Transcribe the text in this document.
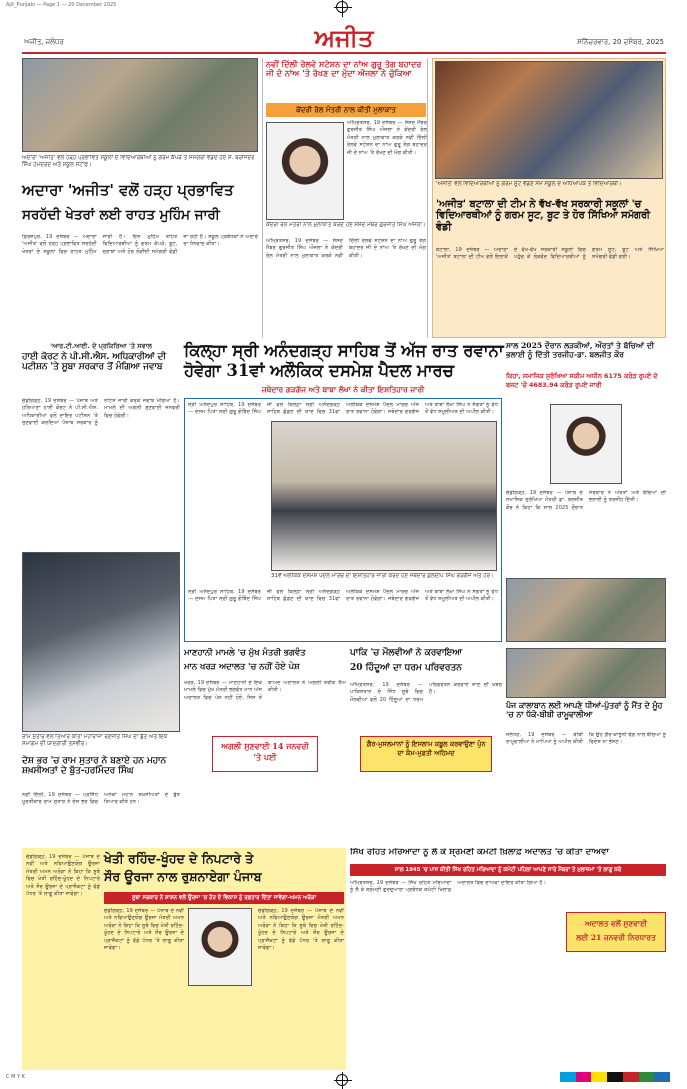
Ajit_Punjabi — Page 1 — 20 December 2025
ਅਜੀਤ, ਜਲੰਧਰ	ਅਜੀਤ	ਸ਼ਨਿੱਚਰਵਾਰ, 20 ਦਸੰਬਰ, 2025
ਅਦਾਰਾ 'ਅਜੀਤ' ਵਲੋਂ ਹੜ੍ਹ ਪ੍ਰਭਾਵਿਤ ਸਕੂਲਾਂ ਦੇ ਵਿਦਿਆਰਥੀਆਂ ਨੂੰ ਗਰਮ ਕੱਪੜੇ ਤੇ ਸਮੱਗਰੀ ਵੰਡਦੇ ਹੋਏ ਸ. ਬਰਜਿੰਦਰ ਸਿੰਘ ਹਮਦਰਦ ਅਤੇ ਸਕੂਲ ਸਟਾਫ਼।
ਅਦਾਰਾ 'ਅਜੀਤ' ਵਲੋਂ ਹੜ੍ਹ ਪ੍ਰਭਾਵਿਤ
ਸਰਹੱਦੀ ਖੇਤਰਾਂ ਲਈ ਰਾਹਤ ਮੁਹਿੰਮ ਜਾਰੀ
ਫ਼ਿਰੋਜ਼ਪੁਰ, 19 ਦਸੰਬਰ — ਅਦਾਰਾ 'ਅਜੀਤ' ਵਲੋਂ ਹੜ੍ਹ ਪ੍ਰਭਾਵਿਤ ਸਰਹੱਦੀ ਖੇਤਰਾਂ ਦੇ ਸਕੂਲਾਂ ਵਿਚ ਰਾਹਤ ਮੁਹਿੰਮ ਜਾਰੀ ਹੈ। ਇਸ ਮੁਹਿੰਮ ਤਹਿਤ ਵਿਦਿਆਰਥੀਆਂ ਨੂੰ ਗਰਮ ਕੱਪੜੇ, ਬੂਟ, ਜੁਰਾਬਾਂ ਅਤੇ ਹੋਰ ਲੋੜੀਂਦੀ ਸਮੱਗਰੀ ਵੰਡੀ ਜਾ ਰਹੀ ਹੈ। ਸਕੂਲ ਪ੍ਰਬੰਧਕਾਂ ਨੇ ਅਦਾਰੇ ਦਾ ਧੰਨਵਾਦ ਕੀਤਾ।
ਨਵੀਂ ਦਿੱਲੀ ਰੇਲਵੇ ਸਟੇਸ਼ਨ ਦਾ ਨਾਂਅ ਗੁਰੂ ਤੇਗ ਬਹਾਦਰ ਜੀ ਦੇ ਨਾਂਅ 'ਤੇ ਰੱਖਣ ਦਾ ਮੁੱਦਾ ਔਜਲਾ ਨੇ ਚੁੱਕਿਆ
ਕੇਂਦਰੀ ਰੇਲ ਮੰਤਰੀ ਨਾਲ ਕੀਤੀ ਮੁਲਾਕਾਤ
ਅੰਮ੍ਰਿਤਸਰ, 19 ਦਸੰਬਰ — ਸੰਸਦ ਮੈਂਬਰ ਗੁਰਜੀਤ ਸਿੰਘ ਔਜਲਾ ਨੇ ਕੇਂਦਰੀ ਰੇਲ ਮੰਤਰੀ ਨਾਲ ਮੁਲਾਕਾਤ ਕਰਕੇ ਨਵੀਂ ਦਿੱਲੀ ਰੇਲਵੇ ਸਟੇਸ਼ਨ ਦਾ ਨਾਂਅ ਗੁਰੂ ਤੇਗ ਬਹਾਦਰ ਜੀ ਦੇ ਨਾਂਅ 'ਤੇ ਰੱਖਣ ਦੀ ਮੰਗ ਕੀਤੀ।
ਕੇਂਦਰੀ ਰੇਲ ਮੰਤਰੀ ਨਾਲ ਮੁਲਾਕਾਤ ਕਰਦੇ ਹੋਏ ਸੰਸਦ ਮੈਂਬਰ ਗੁਰਜੀਤ ਸਿੰਘ ਔਜਲਾ।
ਅੰਮ੍ਰਿਤਸਰ, 19 ਦਸੰਬਰ — ਸੰਸਦ ਮੈਂਬਰ ਗੁਰਜੀਤ ਸਿੰਘ ਔਜਲਾ ਨੇ ਕੇਂਦਰੀ ਰੇਲ ਮੰਤਰੀ ਨਾਲ ਮੁਲਾਕਾਤ ਕਰਕੇ ਨਵੀਂ ਦਿੱਲੀ ਰੇਲਵੇ ਸਟੇਸ਼ਨ ਦਾ ਨਾਂਅ ਗੁਰੂ ਤੇਗ ਬਹਾਦਰ ਜੀ ਦੇ ਨਾਂਅ 'ਤੇ ਰੱਖਣ ਦੀ ਮੰਗ ਕੀਤੀ।
'ਅਜੀਤ' ਵਲੋਂ ਵਿਦਿਆਰਥੀਆਂ ਨੂੰ ਗਰਮ ਸੂਟ ਵੰਡਣ ਸਮੇਂ ਸਕੂਲ ਦੇ ਅਧਿਆਪਕ ਤੇ ਵਿਦਿਆਰਥੀ।
'ਅਜੀਤ' ਬਟਾਲਾ ਦੀ ਟੀਮ ਨੇ ਵੱਖ-ਵੱਖ ਸਰਕਾਰੀ ਸਕੂਲਾਂ 'ਚ ਵਿਦਿਆਰਥੀਆਂ ਨੂੰ ਗਰਮ ਸੂਟ, ਬੂਟ ਤੇ ਹੋਰ ਸਿੱਖਿਆ ਸਮੱਗਰੀ ਵੰਡੀ
ਬਟਾਲਾ, 19 ਦਸੰਬਰ — ਅਦਾਰਾ 'ਅਜੀਤ' ਬਟਾਲਾ ਦੀ ਟੀਮ ਵਲੋਂ ਇਲਾਕੇ ਦੇ ਵੱਖ-ਵੱਖ ਸਰਕਾਰੀ ਸਕੂਲਾਂ ਵਿਚ ਪਹੁੰਚ ਕੇ ਲੋੜਵੰਦ ਵਿਦਿਆਰਥੀਆਂ ਨੂੰ ਗਰਮ ਸੂਟ, ਬੂਟ ਅਤੇ ਸਿੱਖਿਆ ਸਮੱਗਰੀ ਵੰਡੀ ਗਈ।
'ਆਰ.ਟੀ.ਆਈ. ਦੇ ਪ੍ਰਕਿਰਿਆ 'ਤੇ ਸਵਾਲ
ਹਾਈ ਕੋਰਟ ਨੇ ਪੀ.ਸੀ.ਐਸ. ਅਧਿਕਾਰੀਆਂ ਦੀ ਪਟੀਸ਼ਨ 'ਤੇ ਸੂਬਾ ਸਰਕਾਰ ਤੋਂ ਮੰਗਿਆ ਜਵਾਬ
ਚੰਡੀਗੜ੍ਹ, 19 ਦਸੰਬਰ — ਪੰਜਾਬ ਅਤੇ ਹਰਿਆਣਾ ਹਾਈ ਕੋਰਟ ਨੇ ਪੀ.ਸੀ.ਐਸ. ਅਧਿਕਾਰੀਆਂ ਵਲੋਂ ਦਾਇਰ ਪਟੀਸ਼ਨ 'ਤੇ ਸੁਣਵਾਈ ਕਰਦਿਆਂ ਪੰਜਾਬ ਸਰਕਾਰ ਨੂੰ ਨੋਟਿਸ ਜਾਰੀ ਕਰਕੇ ਜਵਾਬ ਮੰਗਿਆ ਹੈ। ਮਾਮਲੇ ਦੀ ਅਗਲੀ ਸੁਣਵਾਈ ਜਨਵਰੀ ਵਿਚ ਹੋਵੇਗੀ।
ਕਿਲ੍ਹਾ ਸ੍ਰੀ ਅਨੰਦਗੜ੍ਹ ਸਾਹਿਬ ਤੋਂ ਅੱਜ ਰਾਤ ਰਵਾਨਾ
ਹੋਵੇਗਾ 31ਵਾਂ ਅਲੌਕਿਕ ਦਸਮੇਸ਼ ਪੈਦਲ ਮਾਰਚ
ਜਥੇਦਾਰ ਗੜਗੱਜ ਅਤੇ ਬਾਬਾ ਲੱਖਾ ਨੇ ਕੀਤਾ ਇਸ਼ਤਿਹਾਰ ਜਾਰੀ
ਸ੍ਰੀ ਅਨੰਦਪੁਰ ਸਾਹਿਬ, 19 ਦਸੰਬਰ — ਦਸਮ ਪਿਤਾ ਸ੍ਰੀ ਗੁਰੂ ਗੋਬਿੰਦ ਸਿੰਘ ਜੀ ਵਲੋਂ ਕਿਲ੍ਹਾ ਸ੍ਰੀ ਅਨੰਦਗੜ੍ਹ ਸਾਹਿਬ ਛੱਡਣ ਦੀ ਯਾਦ ਵਿਚ 31ਵਾਂ ਅਲੌਕਿਕ ਦਸਮੇਸ਼ ਪੈਦਲ ਮਾਰਚ ਅੱਜ ਰਾਤ ਰਵਾਨਾ ਹੋਵੇਗਾ। ਜਥੇਦਾਰ ਗੜਗੱਜ ਅਤੇ ਬਾਬਾ ਲੱਖਾ ਸਿੰਘ ਨੇ ਸੰਗਤਾਂ ਨੂੰ ਵੱਧ ਤੋਂ ਵੱਧ ਸ਼ਮੂਲੀਅਤ ਦੀ ਅਪੀਲ ਕੀਤੀ।
31ਵੇਂ ਅਲੌਕਿਕ ਦਸਮੇਸ਼ ਪੈਦਲ ਮਾਰਚ ਦਾ ਇਸ਼ਤਿਹਾਰ ਜਾਰੀ ਕਰਦੇ ਹੋਏ ਜਥੇਦਾਰ ਕੁਲਦੀਪ ਸਿੰਘ ਗੜਗੱਜ ਅਤੇ ਹੋਰ।
ਸ੍ਰੀ ਅਨੰਦਪੁਰ ਸਾਹਿਬ, 19 ਦਸੰਬਰ — ਦਸਮ ਪਿਤਾ ਸ੍ਰੀ ਗੁਰੂ ਗੋਬਿੰਦ ਸਿੰਘ ਜੀ ਵਲੋਂ ਕਿਲ੍ਹਾ ਸ੍ਰੀ ਅਨੰਦਗੜ੍ਹ ਸਾਹਿਬ ਛੱਡਣ ਦੀ ਯਾਦ ਵਿਚ 31ਵਾਂ ਅਲੌਕਿਕ ਦਸਮੇਸ਼ ਪੈਦਲ ਮਾਰਚ ਅੱਜ ਰਾਤ ਰਵਾਨਾ ਹੋਵੇਗਾ। ਜਥੇਦਾਰ ਗੜਗੱਜ ਅਤੇ ਬਾਬਾ ਲੱਖਾ ਸਿੰਘ ਨੇ ਸੰਗਤਾਂ ਨੂੰ ਵੱਧ ਤੋਂ ਵੱਧ ਸ਼ਮੂਲੀਅਤ ਦੀ ਅਪੀਲ ਕੀਤੀ।
ਸਾਲ 2025 ਦੌਰਾਨ ਲੜਕੀਆਂ, ਔਰਤਾਂ ਤੇ ਬੱਚਿਆਂ ਦੀ ਭਲਾਈ ਨੂੰ ਦਿੱਤੀ ਤਰਜੀਹ-ਡਾ. ਬਲਜੀਤ ਕੌਰ
ਕਿਹਾ, ਸਮਾਜਿਕ ਸੁਰੱਖਿਆ ਸਕੀਮ ਅਧੀਨ 6175 ਕਰੋੜ ਰੁਪਏ ਦੇ ਬਜਟ 'ਚੋਂ 4683.94 ਕਰੋੜ ਰੁਪਏ ਜਾਰੀ
ਚੰਡੀਗੜ੍ਹ, 19 ਦਸੰਬਰ — ਪੰਜਾਬ ਦੇ ਸਮਾਜਿਕ ਸੁਰੱਖਿਆ ਮੰਤਰੀ ਡਾ. ਬਲਜੀਤ ਕੌਰ ਨੇ ਕਿਹਾ ਕਿ ਸਾਲ 2025 ਦੌਰਾਨ ਸਰਕਾਰ ਨੇ ਔਰਤਾਂ ਅਤੇ ਬੱਚਿਆਂ ਦੀ ਭਲਾਈ ਨੂੰ ਤਰਜੀਹ ਦਿੱਤੀ।
ਰਾਮ ਸੁਤਾਰ ਵਲੋਂ ਤਿਆਰ ਕੀਤਾ ਮਹਾਰਾਜਾ ਰਣਜੀਤ ਸਿੰਘ ਦਾ ਬੁੱਤ ਅਤੇ ਇਕ ਸਮਾਗਮ ਦੀ ਯਾਦਗਾਰੀ ਤਸਵੀਰ।
ਦੇਸ਼ ਭਰ 'ਚ ਰਾਮ ਸੁਤਾਰ ਨੇ ਬਣਾਏ ਹਨ ਮਹਾਨ ਸ਼ਖ਼ਸੀਅਤਾਂ ਦੇ ਬੁੱਤ-ਹਰਮਿੰਦਰ ਸਿੰਘ
ਨਵੀਂ ਦਿੱਲੀ, 19 ਦਸੰਬਰ — ਪ੍ਰਸਿੱਧ ਮੂਰਤੀਕਾਰ ਰਾਮ ਸੁਤਾਰ ਨੇ ਦੇਸ਼ ਭਰ ਵਿਚ ਅਨੇਕਾਂ ਮਹਾਨ ਸ਼ਖ਼ਸੀਅਤਾਂ ਦੇ ਬੁੱਤ ਤਿਆਰ ਕੀਤੇ ਹਨ।
ਮਾਣਹਾਨੀ ਮਾਮਲੇ 'ਚ ਮੁੱਖ ਮੰਤਰੀ ਭਗਵੰਤ
ਮਾਨ ਖਰੜ ਅਦਾਲਤ 'ਚ ਨਹੀਂ ਹੋਏ ਪੇਸ਼
ਖਰੜ, 19 ਦਸੰਬਰ — ਮਾਣਹਾਨੀ ਦੇ ਇਕ ਮਾਮਲੇ ਵਿਚ ਮੁੱਖ ਮੰਤਰੀ ਭਗਵੰਤ ਮਾਨ ਅੱਜ ਅਦਾਲਤ ਵਿਚ ਪੇਸ਼ ਨਹੀਂ ਹੋਏ, ਜਿਸ ਤੋਂ ਬਾਅਦ ਅਦਾਲਤ ਨੇ ਅਗਲੀ ਤਰੀਕ ਤੈਅ ਕੀਤੀ।
ਅਗਲੀ ਸੁਣਵਾਈ 14 ਜਨਵਰੀ 'ਤੇ ਪਈ
ਪਾਕਿ 'ਚ ਮੌਲਵੀਆਂ ਨੇ ਕਰਵਾਇਆ
20 ਹਿੰਦੂਆਂ ਦਾ ਧਰਮ ਪਰਿਵਰਤਨ
ਅੰਮ੍ਰਿਤਸਰ, 19 ਦਸੰਬਰ — ਪਾਕਿਸਤਾਨ ਦੇ ਸਿੰਧ ਸੂਬੇ ਵਿਚ ਮੌਲਵੀਆਂ ਵਲੋਂ 20 ਹਿੰਦੂਆਂ ਦਾ ਧਰਮ ਪਰਿਵਰਤਨ ਕਰਵਾਏ ਜਾਣ ਦੀ ਖ਼ਬਰ ਹੈ।
ਗ਼ੈਰ-ਮੁਸਲਮਾਨਾਂ ਨੂੰ ਇਸਲਾਮ ਕਬੂਲ ਕਰਵਾਉਣਾ ਪੁੰਨ ਦਾ ਕੰਮ-ਮੁਫ਼ਤੀ ਅਹਿਮਦ
ਪੰਜ ਕਾਲਾਬਾਨ ਲਈ ਆਪਣੇ ਧੀਆਂ-ਪੁੱਤਰਾਂ ਨੂੰ ਮੈਂਤ ਦੇ ਮੂੰਹ 'ਚ ਨਾ ਧੱਕੋ-ਬੀਬੀ ਰਾਮੂਵਾਲੀਆ
ਜਲੰਧਰ, 19 ਦਸੰਬਰ — ਬੀਬੀ ਰਾਮੂਵਾਲੀਆ ਨੇ ਮਾਪਿਆਂ ਨੂੰ ਅਪੀਲ ਕੀਤੀ ਕਿ ਉਹ ਗ਼ੈਰ-ਕਾਨੂੰਨੀ ਢੰਗ ਨਾਲ ਬੱਚਿਆਂ ਨੂੰ ਵਿਦੇਸ਼ ਨਾ ਭੇਜਣ।
ਖੇਤੀ ਰਹਿੰਦ-ਖੂੰਹਦ ਦੇ ਨਿਪਟਾਰੇ ਤੇ
ਸੌਰ ਊਰਜਾ ਨਾਲ ਰੁਸ਼ਨਾਏਗਾ ਪੰਜਾਬ
ਚੰਡੀਗੜ੍ਹ, 19 ਦਸੰਬਰ — ਪੰਜਾਬ ਦੇ ਨਵੀਂ ਅਤੇ ਨਵਿਆਉਣਯੋਗ ਊਰਜਾ ਮੰਤਰੀ ਅਮਨ ਅਰੋੜਾ ਨੇ ਕਿਹਾ ਕਿ ਸੂਬੇ ਵਿਚ ਖੇਤੀ ਰਹਿੰਦ-ਖੂੰਹਦ ਦੇ ਨਿਪਟਾਰੇ ਅਤੇ ਸੌਰ ਊਰਜਾ ਦੇ ਪ੍ਰਾਜੈਕਟਾਂ ਨੂੰ ਵੱਡੇ ਪੱਧਰ 'ਤੇ ਲਾਗੂ ਕੀਤਾ ਜਾਵੇਗਾ।
ਸੂਬਾ ਸਰਕਾਰ ਨੇ ਸ਼ਾਸ਼ਨ ਵਲੋਂ ਊਰਜਾ 'ਚ ਹੋਰ ਦੇ ਵਿਕਾਸ ਨੂੰ ਰਫ਼ਤਾਰ ਦਿੱਤਾ ਜਾਵੇਗਾ-ਅਮਨ ਅਰੋੜਾ
ਚੰਡੀਗੜ੍ਹ, 19 ਦਸੰਬਰ — ਪੰਜਾਬ ਦੇ ਨਵੀਂ ਅਤੇ ਨਵਿਆਉਣਯੋਗ ਊਰਜਾ ਮੰਤਰੀ ਅਮਨ ਅਰੋੜਾ ਨੇ ਕਿਹਾ ਕਿ ਸੂਬੇ ਵਿਚ ਖੇਤੀ ਰਹਿੰਦ-ਖੂੰਹਦ ਦੇ ਨਿਪਟਾਰੇ ਅਤੇ ਸੌਰ ਊਰਜਾ ਦੇ ਪ੍ਰਾਜੈਕਟਾਂ ਨੂੰ ਵੱਡੇ ਪੱਧਰ 'ਤੇ ਲਾਗੂ ਕੀਤਾ ਜਾਵੇਗਾ।
ਚੰਡੀਗੜ੍ਹ, 19 ਦਸੰਬਰ — ਪੰਜਾਬ ਦੇ ਨਵੀਂ ਅਤੇ ਨਵਿਆਉਣਯੋਗ ਊਰਜਾ ਮੰਤਰੀ ਅਮਨ ਅਰੋੜਾ ਨੇ ਕਿਹਾ ਕਿ ਸੂਬੇ ਵਿਚ ਖੇਤੀ ਰਹਿੰਦ-ਖੂੰਹਦ ਦੇ ਨਿਪਟਾਰੇ ਅਤੇ ਸੌਰ ਊਰਜਾ ਦੇ ਪ੍ਰਾਜੈਕਟਾਂ ਨੂੰ ਵੱਡੇ ਪੱਧਰ 'ਤੇ ਲਾਗੂ ਕੀਤਾ ਜਾਵੇਗਾ।
ਸਿੱਖ ਰਹਿਤ ਮਰਿਆਦਾ ਨੂੰ ਲੈ ਕੇ ਸ਼੍ਰੋਮਣੀ ਕਮੇਟੀ ਖ਼ਿਲਾਫ਼ ਅਦਾਲਤ 'ਚ ਕੀਤਾ ਦਾਅਵਾ
ਸਾਲ 1945 'ਚ ਪਾਸ ਕੀਤੀ ਸਿੱਖ ਰਹਿਤ ਮਰਿਆਦਾ ਨੂੰ ਕਮੇਟੀ ਪਹਿਲਾਂ ਆਪਣੇ ਸਾਰੇ ਮੈਂਬਰਾਂ ਤੇ ਮੁਲਾਜ਼ਮਾਂ 'ਤੇ ਲਾਗੂ ਕਰੇ
ਅੰਮ੍ਰਿਤਸਰ, 19 ਦਸੰਬਰ — ਸਿੱਖ ਰਹਿਤ ਮਰਿਆਦਾ ਨੂੰ ਲੈ ਕੇ ਸ਼੍ਰੋਮਣੀ ਗੁਰਦੁਆਰਾ ਪ੍ਰਬੰਧਕ ਕਮੇਟੀ ਖ਼ਿਲਾਫ਼ ਅਦਾਲਤ ਵਿਚ ਦਾਅਵਾ ਦਾਇਰ ਕੀਤਾ ਗਿਆ ਹੈ।
ਅਦਾਲਤ ਵਲੋਂ ਸੁਣਵਾਈ
ਲਈ 21 ਜਨਵਰੀ ਨਿਰਧਾਰਤ
C M Y K
